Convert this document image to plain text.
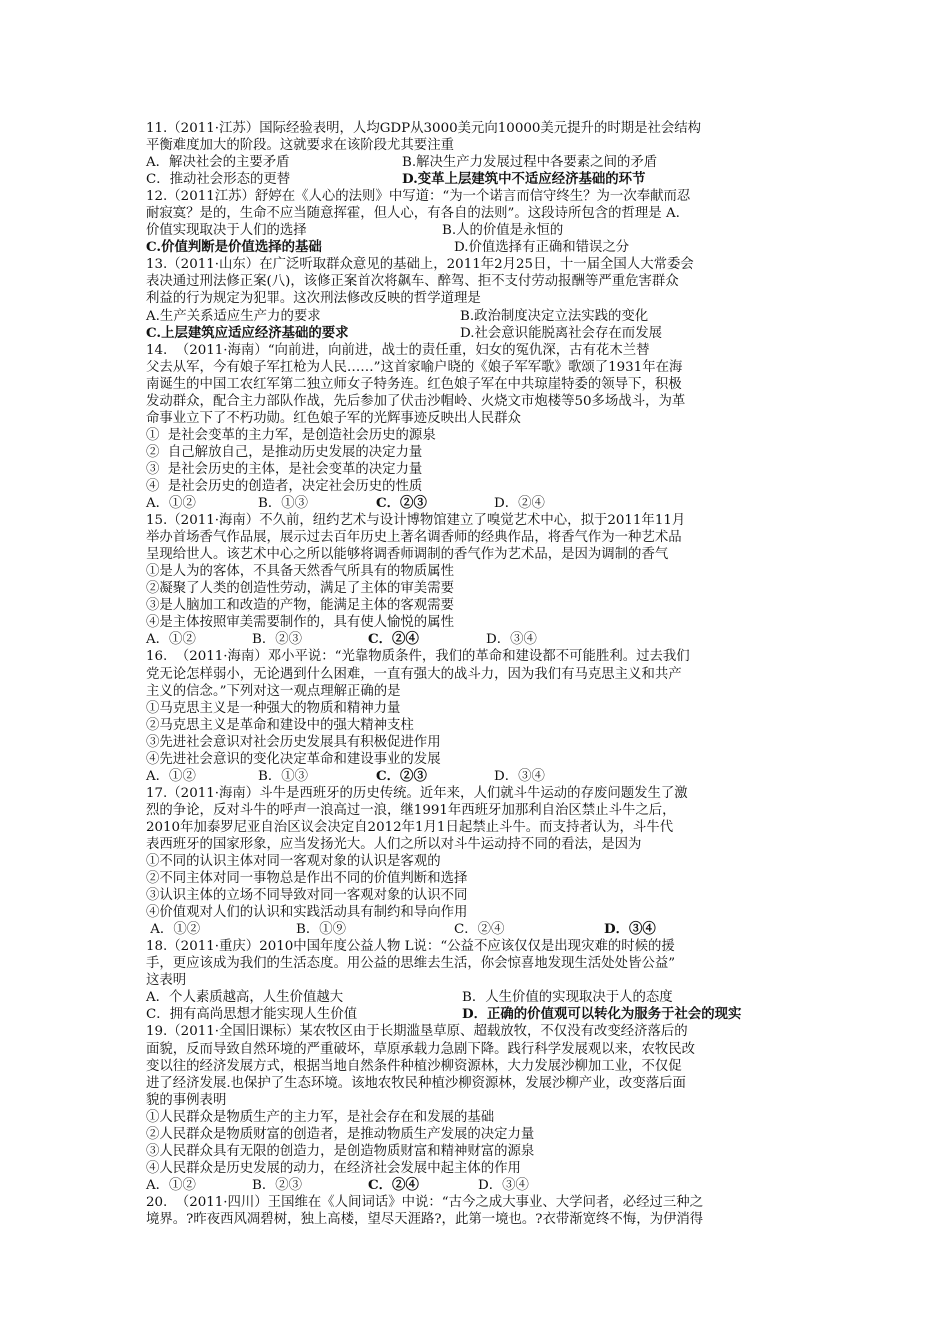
11.（2011·江苏）国际经验表明，人均GDP从3000美元向10000美元提升的时期是社会结构
平衡难度加大的阶段。这就要求在该阶段尤其要注重
A．解决社会的主要矛盾	B.解决生产力发展过程中各要素之间的矛盾
C．推动社会形态的更替	D.变革上层建筑中不适应经济基础的环节
12.（2011江苏）舒婷在《人心的法则》中写道：“为一个诺言而信守终生？为一次奉献而忍
耐寂寞？是的，生命不应当随意挥霍，但人心，有各自的法则”。这段诗所包含的哲理是 A.
价值实现取决于人们的选择	B.人的价值是永恒的
C.价值判断是价值选择的基础	D.价值选择有正确和错误之分
13.（2011·山东）在广泛听取群众意见的基础上，2011年2月25日，十一届全国人大常委会
表决通过刑法修正案(八)，该修正案首次将飙车、醉驾、拒不支付劳动报酬等严重危害群众
利益的行为规定为犯罪。这次刑法修改反映的哲学道理是
A.生产关系适应生产力的要求	B.政治制度决定立法实践的变化
C.上层建筑应适应经济基础的要求	D.社会意识能脱离社会存在而发展
14.  （2011·海南）“向前进，向前进，战士的责任重，妇女的冤仇深，古有花木兰替
父去从军，今有娘子军扛枪为人民……”这首家喻户晓的《娘子军军歌》歌颂了1931年在海
南诞生的中国工农红军第二独立师女子特务连。红色娘子军在中共琼崖特委的领导下，积极
发动群众，配合主力部队作战，先后参加了伏击沙帽岭、火烧文市炮楼等50多场战斗，为革
命事业立下了不朽功勋。红色娘子军的光辉事迹反映出人民群众
①  是社会变革的主力军，是创造社会历史的源泉
②  自己解放自己，是推动历史发展的决定力量
③  是社会历史的主体，是社会变革的决定力量
④  是社会历史的创造者，决定社会历史的性质
A．①②	B．①③	C．②③	D．②④
15.（2011·海南）不久前，纽约艺术与设计博物馆建立了嗅觉艺术中心，拟于2011年11月
举办首场香气作品展，展示过去百年历史上著名调香师的经典作品，将香气作为一种艺术品
呈现给世人。该艺术中心之所以能够将调香师调制的香气作为艺术品，是因为调制的香气
①是人为的客体，不具备天然香气所具有的物质属性
②凝聚了人类的创造性劳动，满足了主体的审美需要
③是人脑加工和改造的产物，能满足主体的客观需要
④是主体按照审美需要制作的，具有使人愉悦的属性
A．①②	B．②③	C．②④	D．③④
16.  （2011·海南）邓小平说：“光靠物质条件，我们的革命和建设都不可能胜利。过去我们
党无论怎样弱小，无论遇到什么困难，一直有强大的战斗力，因为我们有马克思主义和共产
主义的信念。”下列对这一观点理解正确的是
①马克思主义是一种强大的物质和精神力量
②马克思主义是革命和建设中的强大精神支柱
③先进社会意识对社会历史发展具有积极促进作用
④先进社会意识的变化决定革命和建设事业的发展
A．①②	B．①③	C．②③	D．③④
17.（2011·海南）斗牛是西班牙的历史传统。近年来，人们就斗牛运动的存废问题发生了激
烈的争论，反对斗牛的呼声一浪高过一浪，继1991年西班牙加那利自治区禁止斗牛之后，
2010年加泰罗尼亚自治区议会决定自2012年1月1日起禁止斗牛。而支持者认为，斗牛代
表西班牙的国家形象，应当发扬光大。人们之所以对斗牛运动持不同的看法，是因为
①不同的认识主体对同一客观对象的认识是客观的
②不同主体对同一事物总是作出不同的价值判断和选择
③认识主体的立场不同导致对同一客观对象的认识不同
④价值观对人们的认识和实践活动具有制约和导向作用
A．①②	B．①⑨	C．②④	D．③④
18.（2011·重庆）2010中国年度公益人物 L说：“公益不应该仅仅是出现灾难的时候的援
手，更应该成为我们的生活态度。用公益的思维去生活，你会惊喜地发现生活处处皆公益”
这表明
A．个人素质越高，人生价值越大	B．人生价值的实现取决于人的态度
C．拥有高尚思想才能实现人生价值	D．正确的价值观可以转化为服务于社会的现实
19.（2011·全国旧课标）某农牧区由于长期滥垦草原、超载放牧，不仅没有改变经济落后的
面貌，反而导致自然环境的严重破坏，草原承载力急剧下降。践行科学发展观以来，农牧民改
变以往的经济发展方式，根据当地自然条件种植沙柳资源林，大力发展沙柳加工业，不仅促
进了经济发展.也保护了生态环境。该地农牧民种植沙柳资源林，发展沙柳产业，改变落后面
貌的事例表明
①人民群众是物质生产的主力军，是社会存在和发展的基础
②人民群众是物质财富的创造者，是推动物质生产发展的决定力量
③人民群众具有无限的创造力，是创造物质财富和精神财富的源泉
④人民群众是历史发展的动力，在经济社会发展中起主体的作用
A．①②	B．②③	C．②④	D．③④
20.  （2011·四川）王国维在《人间词话》中说：“古今之成大事业、大学问者，必经过三种之
境界。?昨夜西风凋碧树，独上高楼，望尽天涯路?，此第一境也。?衣带渐宽终不悔，为伊消得
